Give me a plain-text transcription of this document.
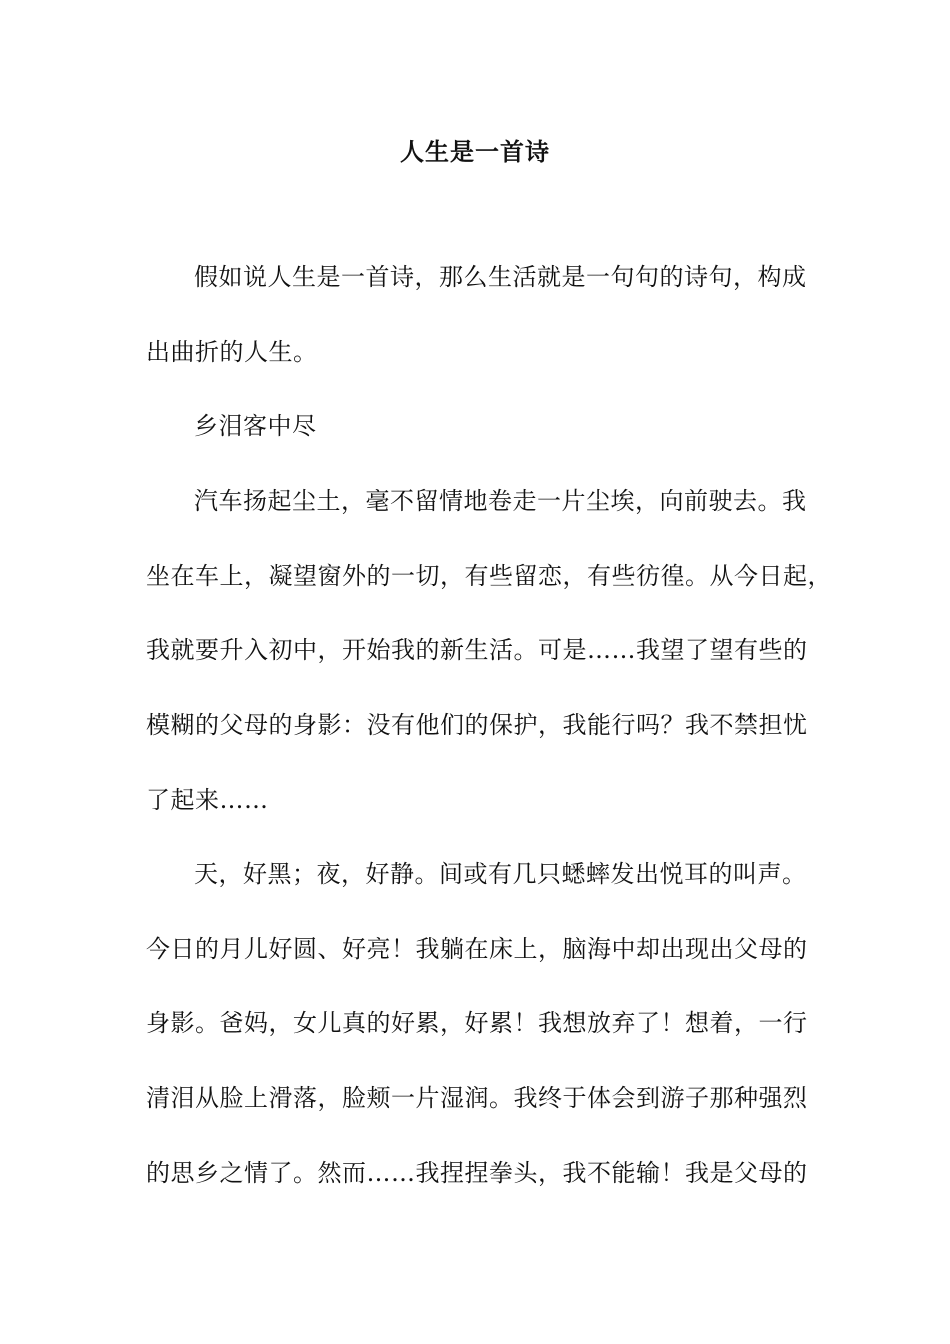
人生是一首诗
假如说人生是一首诗，那么生活就是一句句的诗句，构成
出曲折的人生。
乡泪客中尽
汽车扬起尘土，毫不留情地卷走一片尘埃，向前驶去。我
坐在车上，凝望窗外的一切，有些留恋，有些彷徨。从今日起，
我就要升入初中，开始我的新生活。可是……我望了望有些的
模糊的父母的身影：没有他们的保护，我能行吗？我不禁担忧
了起来……
天，好黑；夜，好静。间或有几只蟋蟀发出悦耳的叫声。
今日的月儿好圆、好亮！我躺在床上，脑海中却出现出父母的
身影。爸妈，女儿真的好累，好累！我想放弃了！想着，一行
清泪从脸上滑落，脸颊一片湿润。我终于体会到游子那种强烈
的思乡之情了。然而……我捏捏拳头，我不能输！我是父母的
